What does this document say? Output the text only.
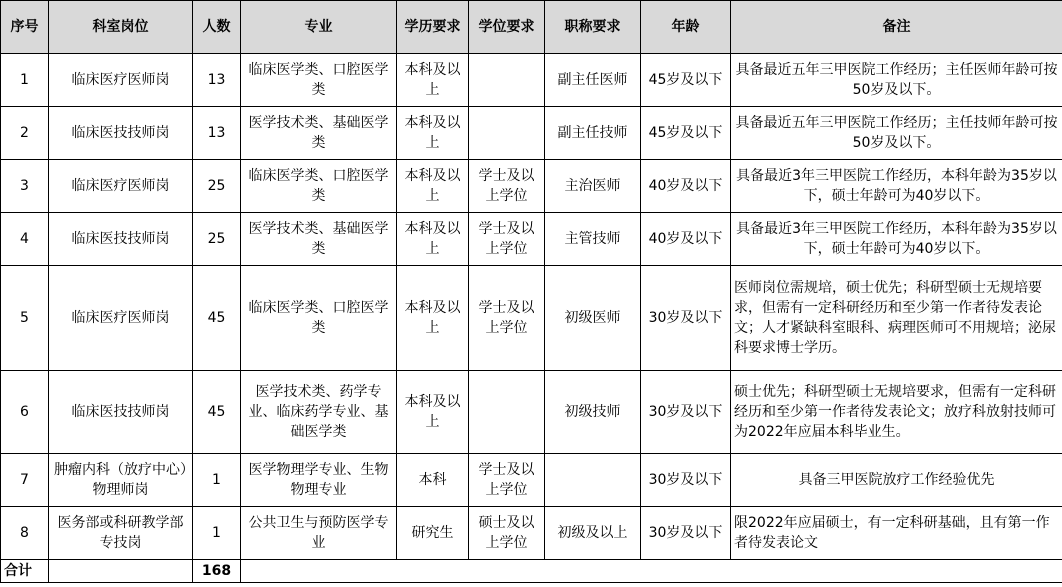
序号	科室岗位	人数	专业	学历要求	学位要求	职称要求	年龄	备注
1	临床医疗医师岗	13	临床医学类、口腔医学类	本科及以上		副主任医师	45岁及以下	具备最近五年三甲医院工作经历；主任医师年龄可按50岁及以下。
2	临床医技技师岗	13	医学技术类、基础医学类	本科及以上		副主任技师	45岁及以下	具备最近五年三甲医院工作经历；主任技师年龄可按50岁及以下。
3	临床医疗医师岗	25	临床医学类、口腔医学类	本科及以上	学士及以上学位	主治医师	40岁及以下	具备最近3年三甲医院工作经历，本科年龄为35岁以下，硕士年龄可为40岁以下。
4	临床医技技师岗	25	医学技术类、基础医学类	本科及以上	学士及以上学位	主管技师	40岁及以下	具备最近3年三甲医院工作经历，本科年龄为35岁以下，硕士年龄可为40岁以下。
5	临床医疗医师岗	45	临床医学类、口腔医学类	本科及以上	学士及以上学位	初级医师	30岁及以下	医师岗位需规培，硕士优先；科研型硕士无规培要求，但需有一定科研经历和至少第一作者待发表论文；人才紧缺科室眼科、病理医师可不用规培；泌尿科要求博士学历。
6	临床医技技师岗	45	医学技术类、药学专业、临床药学专业、基础医学类	本科及以上		初级技师	30岁及以下	硕士优先；科研型硕士无规培要求，但需有一定科研经历和至少第一作者待发表论文；放疗科放射技师可为2022年应届本科毕业生。
7	肿瘤内科（放疗中心）物理师岗	1	医学物理学专业、生物物理专业	本科	学士及以上学位		30岁及以下	具备三甲医院放疗工作经验优先
8	医务部或科研教学部专技岗	1	公共卫生与预防医学专业	研究生	硕士及以上学位	初级及以上	30岁及以下	限2022年应届硕士，有一定科研基础，且有第一作者待发表论文
合计		168						
